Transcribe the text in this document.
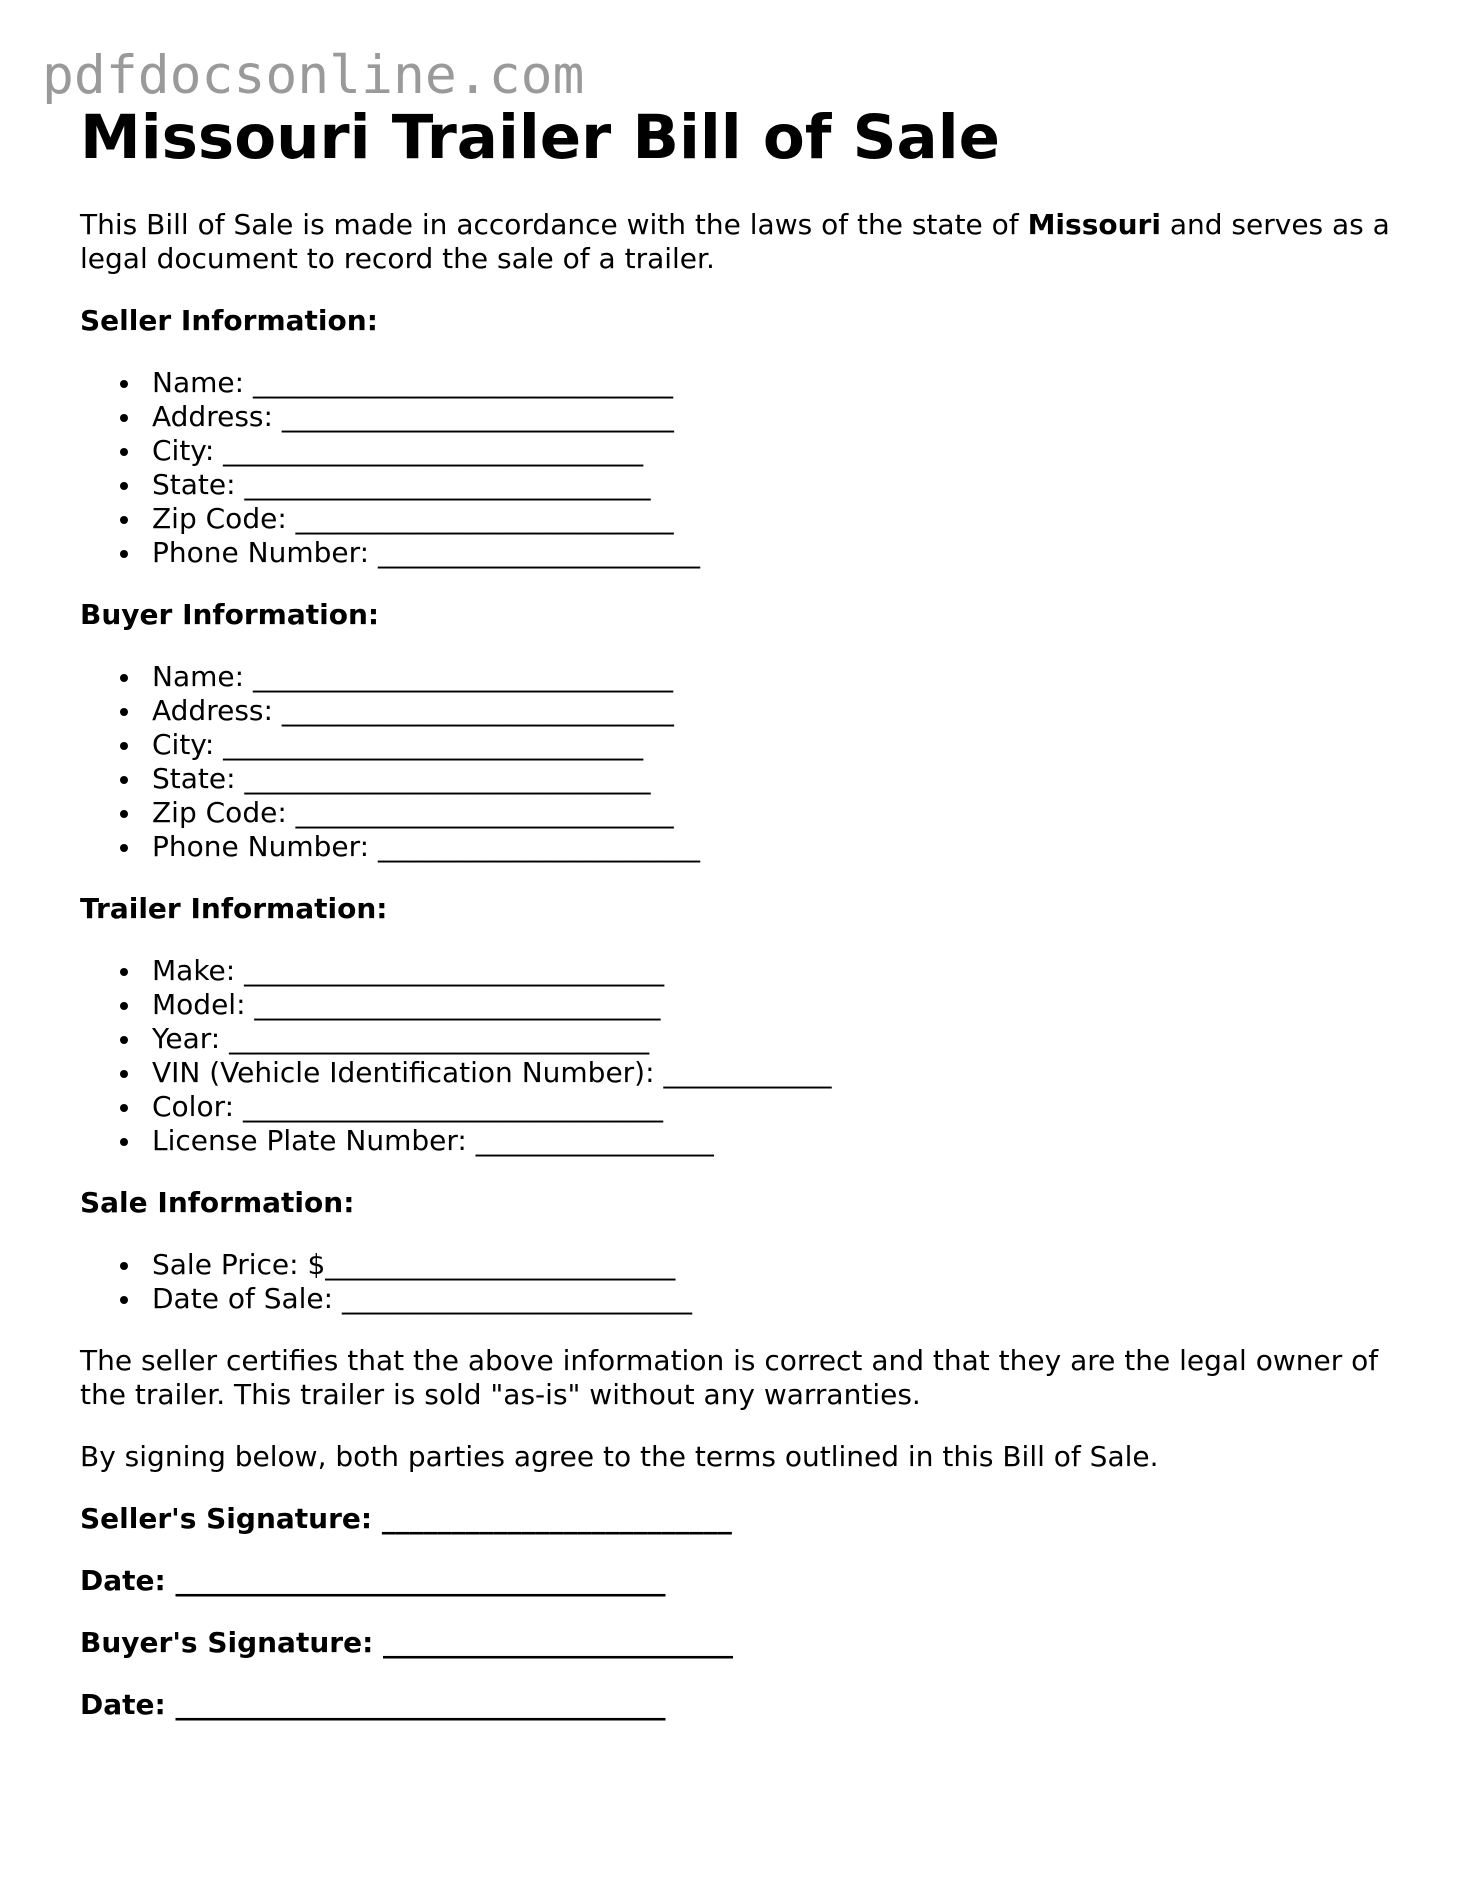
pdfdocsonline.com
Missouri Trailer Bill of Sale

This Bill of Sale is made in accordance with the laws of the state of Missouri and serves as a legal document to record the sale of a trailer.

Seller Information:
Name: ______________________________
Address: ____________________________
City: ______________________________
State: _____________________________
Zip Code: ___________________________
Phone Number: _______________________
Buyer Information:
Name: ______________________________
Address: ____________________________
City: ______________________________
State: _____________________________
Zip Code: ___________________________
Phone Number: _______________________
Trailer Information:
Make: ______________________________
Model: _____________________________
Year: ______________________________
VIN (Vehicle Identification Number): ____________
Color: ______________________________
License Plate Number: _________________
Sale Information:
Sale Price: $_________________________
Date of Sale: _________________________

The seller certifies that the above information is correct and that they are the legal owner of the trailer. This trailer is sold "as-is" without any warranties.

By signing below, both parties agree to the terms outlined in this Bill of Sale.

Seller's Signature: _________________________

Date: ___________________________________

Buyer's Signature: _________________________

Date: ___________________________________
